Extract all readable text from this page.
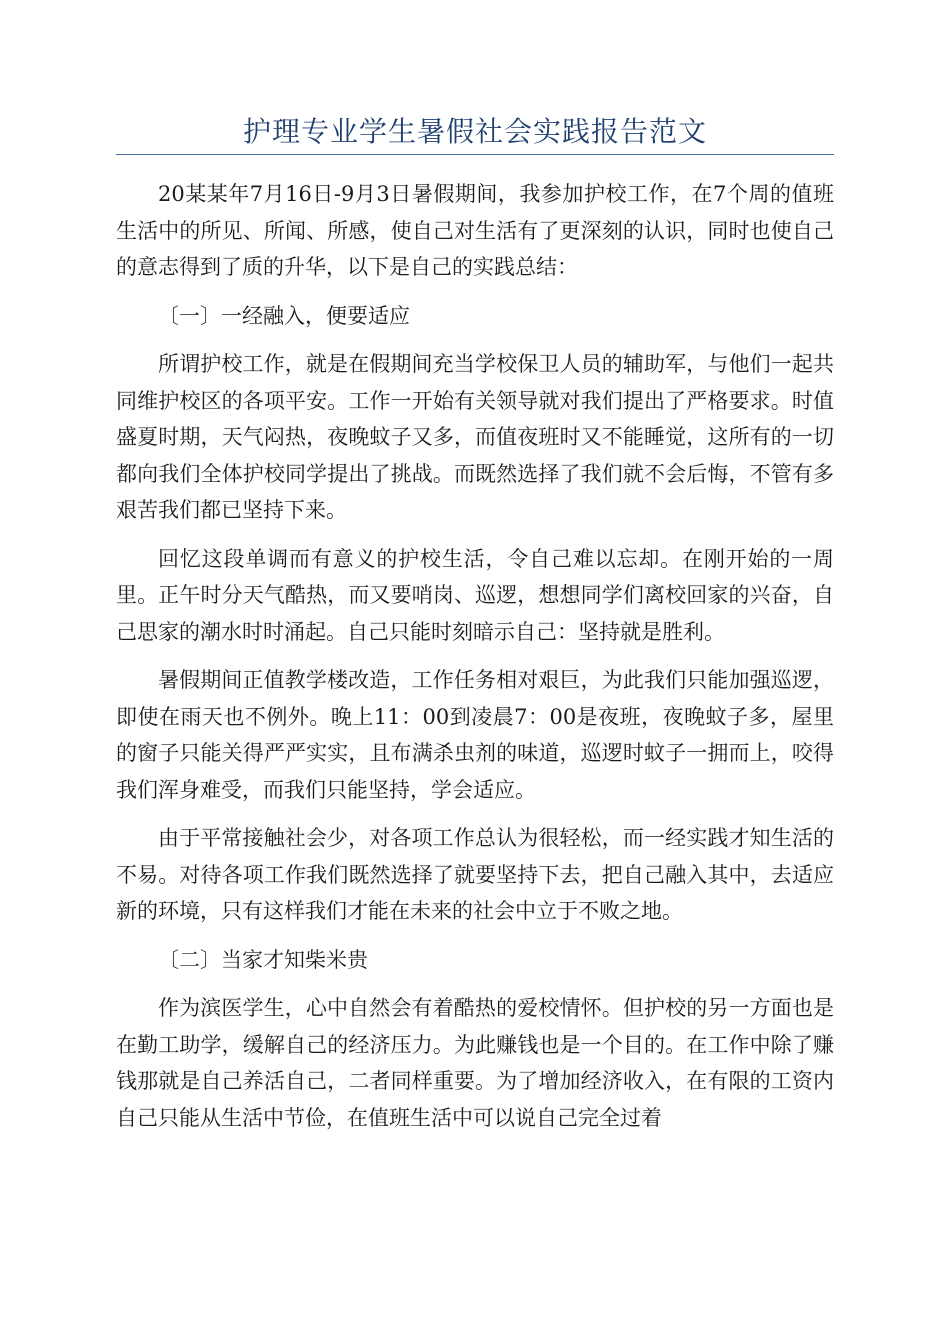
护理专业学生暑假社会实践报告范文

20某某年7月16日-9月3日暑假期间，我参加护校工作，在7个周的值班生活中的所见、所闻、所感，使自己对生活有了更深刻的认识，同时也使自己的意志得到了质的升华，以下是自己的实践总结：

〔一〕一经融入，便要适应

所谓护校工作，就是在假期间充当学校保卫人员的辅助军，与他们一起共同维护校区的各项平安。工作一开始有关领导就对我们提出了严格要求。时值盛夏时期，天气闷热，夜晚蚊子又多，而值夜班时又不能睡觉，这所有的一切都向我们全体护校同学提出了挑战。而既然选择了我们就不会后悔，不管有多艰苦我们都已坚持下来。

回忆这段单调而有意义的护校生活，令自己难以忘却。在刚开始的一周里。正午时分天气酷热，而又要哨岗、巡逻，想想同学们离校回家的兴奋，自己思家的潮水时时涌起。自己只能时刻暗示自己：坚持就是胜利。

暑假期间正值教学楼改造，工作任务相对艰巨，为此我们只能加强巡逻，即使在雨天也不例外。晚上11：00到凌晨7：00是夜班，夜晚蚊子多，屋里的窗子只能关得严严实实，且布满杀虫剂的味道，巡逻时蚊子一拥而上，咬得我们浑身难受，而我们只能坚持，学会适应。

由于平常接触社会少，对各项工作总认为很轻松，而一经实践才知生活的不易。对待各项工作我们既然选择了就要坚持下去，把自己融入其中，去适应新的环境，只有这样我们才能在未来的社会中立于不败之地。

〔二〕当家才知柴米贵

作为滨医学生，心中自然会有着酷热的爱校情怀。但护校的另一方面也是在勤工助学，缓解自己的经济压力。为此赚钱也是一个目的。在工作中除了赚钱那就是自己养活自己，二者同样重要。为了增加经济收入，在有限的工资内自己只能从生活中节俭，在值班生活中可以说自己完全过着
